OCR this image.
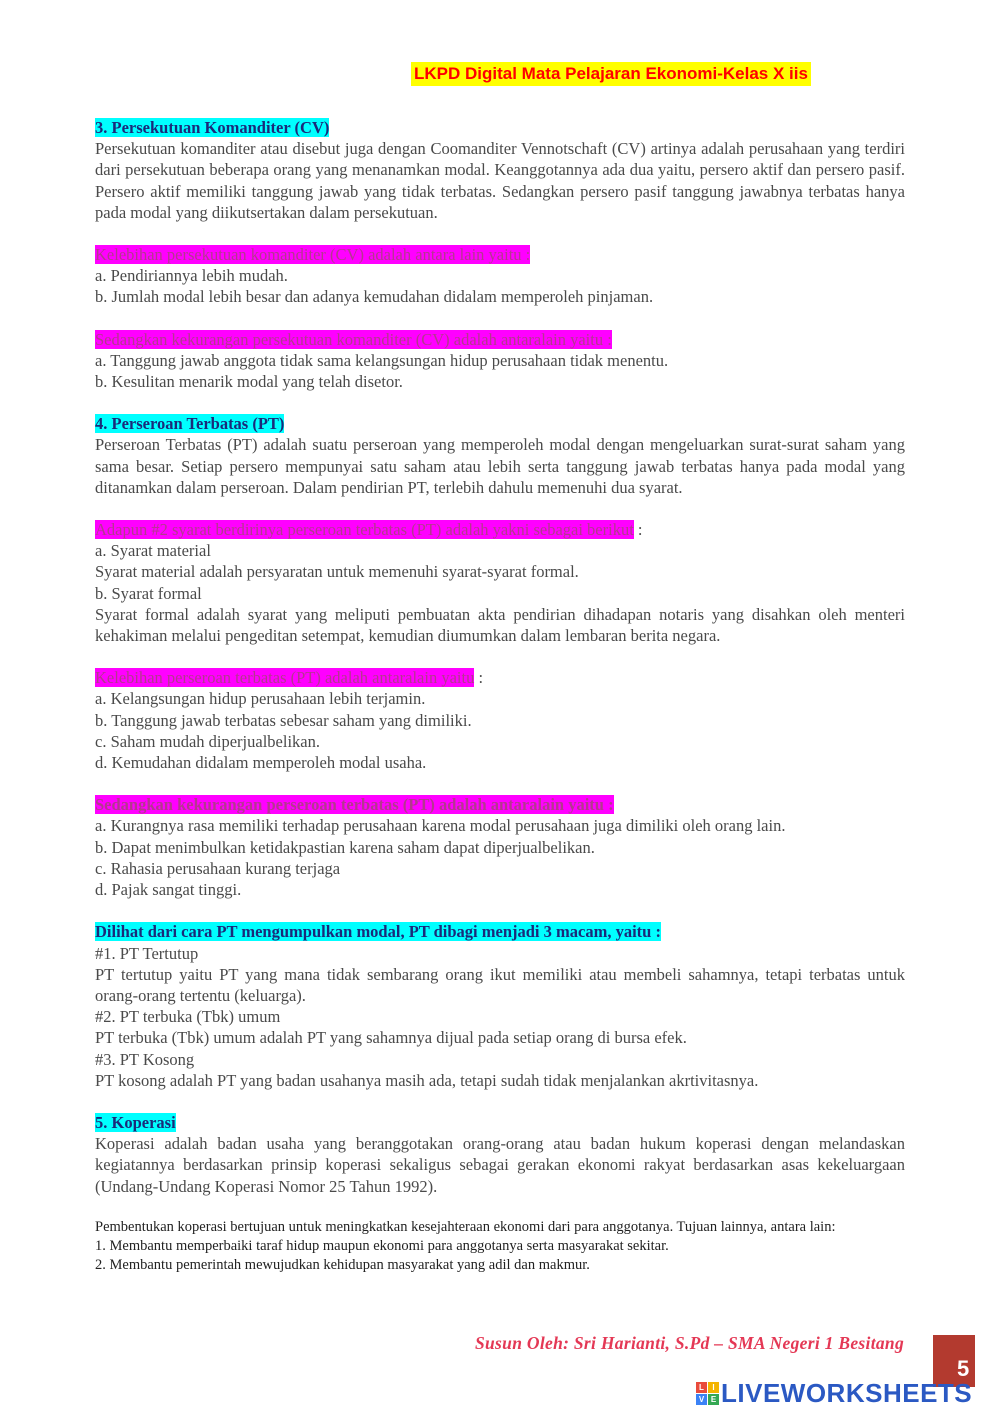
LKPD Digital Mata Pelajaran Ekonomi-Kelas X iis

3. Persekutuan Komanditer (CV)

Persekutuan komanditer atau disebut juga dengan Coomanditer Vennotschaft (CV) artinya adalah perusahaan yang terdiri dari persekutuan beberapa orang yang menanamkan modal. Keanggotannya ada dua yaitu, persero aktif dan persero pasif. Persero aktif memiliki tanggung jawab yang tidak terbatas. Sedangkan persero pasif tanggung jawabnya terbatas hanya pada modal yang diikutsertakan dalam persekutuan.

Kelebihan persekutuan komanditer (CV) adalah antara lain yaitu :

a. Pendiriannya lebih mudah.

b. Jumlah modal lebih besar dan adanya kemudahan didalam memperoleh pinjaman.

Sedangkan kekurangan persekutuan komanditer (CV) adalah antaralain yaitu :

a. Tanggung jawab anggota tidak sama kelangsungan hidup perusahaan tidak menentu.

b. Kesulitan menarik modal yang telah disetor.

4. Perseroan Terbatas (PT)

Perseroan Terbatas (PT) adalah suatu perseroan yang memperoleh modal dengan mengeluarkan surat-surat saham yang sama besar. Setiap persero mempunyai satu saham atau lebih serta tanggung jawab terbatas hanya pada modal yang ditanamkan dalam perseroan. Dalam pendirian PT, terlebih dahulu memenuhi dua syarat.

Adapun #2 syarat berdirinya perseroan terbatas (PT) adalah yakni sebagai berikut :

a. Syarat material

Syarat material adalah persyaratan untuk memenuhi syarat-syarat formal.

b. Syarat formal

Syarat formal adalah syarat yang meliputi pembuatan akta pendirian dihadapan notaris yang disahkan oleh menteri kehakiman melalui pengeditan setempat, kemudian diumumkan dalam lembaran berita negara.

Kelebihan perseroan terbatas (PT) adalah antaralain yaitu :

a. Kelangsungan hidup perusahaan lebih terjamin.

b. Tanggung jawab terbatas sebesar saham yang dimiliki.

c. Saham mudah diperjualbelikan.

d. Kemudahan didalam memperoleh modal usaha.

Sedangkan kekurangan perseroan terbatas (PT) adalah antaralain yaitu :

a. Kurangnya rasa memiliki terhadap perusahaan karena modal perusahaan juga dimiliki oleh orang lain.

b. Dapat menimbulkan ketidakpastian karena saham dapat diperjualbelikan.

c. Rahasia perusahaan kurang terjaga

d. Pajak sangat tinggi.

Dilihat dari cara PT mengumpulkan modal, PT dibagi menjadi 3 macam, yaitu :

#1. PT Tertutup

PT tertutup yaitu PT yang mana tidak sembarang orang ikut memiliki atau membeli sahamnya, tetapi terbatas untuk orang-orang tertentu (keluarga).

#2. PT terbuka (Tbk) umum

PT terbuka (Tbk) umum adalah PT yang sahamnya dijual pada setiap orang di bursa efek.

#3. PT Kosong

PT kosong adalah PT yang badan usahanya masih ada, tetapi sudah tidak menjalankan akrtivitasnya.

5. Koperasi

Koperasi adalah badan usaha yang beranggotakan orang-orang atau badan hukum koperasi dengan melandaskan kegiatannya berdasarkan prinsip koperasi sekaligus sebagai gerakan ekonomi rakyat berdasarkan asas kekeluargaan (Undang-Undang Koperasi Nomor 25 Tahun 1992).

Pembentukan koperasi bertujuan untuk meningkatkan kesejahteraan ekonomi dari para anggotanya. Tujuan lainnya, antara lain:

1. Membantu memperbaiki taraf hidup maupun ekonomi para anggotanya serta masyarakat sekitar.

2. Membantu pemerintah mewujudkan kehidupan masyarakat yang adil dan makmur.

Susun Oleh: Sri Harianti, S.Pd – SMA Negeri 1 Besitang
5
L	I
V E LIVEWORKSHEETS
